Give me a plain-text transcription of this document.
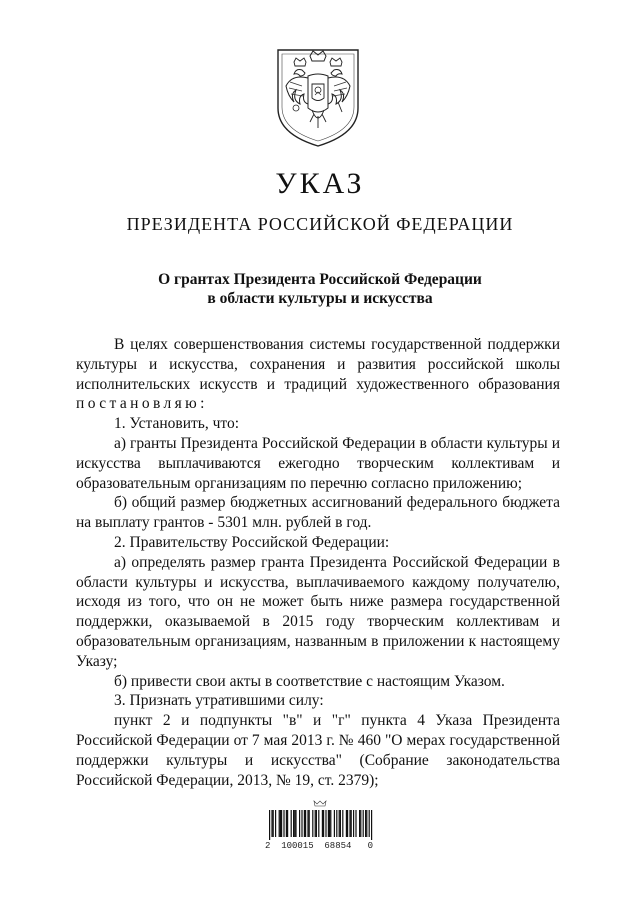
УКАЗ
ПРЕЗИДЕНТА РОССИЙСКОЙ ФЕДЕРАЦИИ
О грантах Президента Российской Федерации
в области культуры и искусства

В целях совершенствования системы государственной поддержки культуры и искусства, сохранения и развития российской школы исполнительских искусств и традиций художественного образования постановляю:

1. Установить, что:

а) гранты Президента Российской Федерации в области культуры и искусства выплачиваются ежегодно творческим коллективам и образовательным организациям по перечню согласно приложению;

б) общий размер бюджетных ассигнований федерального бюджета на выплату грантов - 5301 млн. рублей в год.

2. Правительству Российской Федерации:

а) определять размер гранта Президента Российской Федерации в области культуры и искусства, выплачиваемого каждому получателю, исходя из того, что он не может быть ниже размера государственной поддержки, оказываемой в 2015 году творческим коллективам и образовательным организациям, названным в приложении к настоящему Указу;

б) привести свои акты в соответствие с настоящим Указом.

3. Признать утратившими силу:

пункт 2 и подпункты "в" и "г" пункта 4 Указа Президента Российской Федерации от 7 мая 2013 г. № 460 "О мерах государственной поддержки культуры и искусства" (Собрание законодательства Российской Федерации, 2013, № 19, ст. 2379);

2  100015  68854   0
